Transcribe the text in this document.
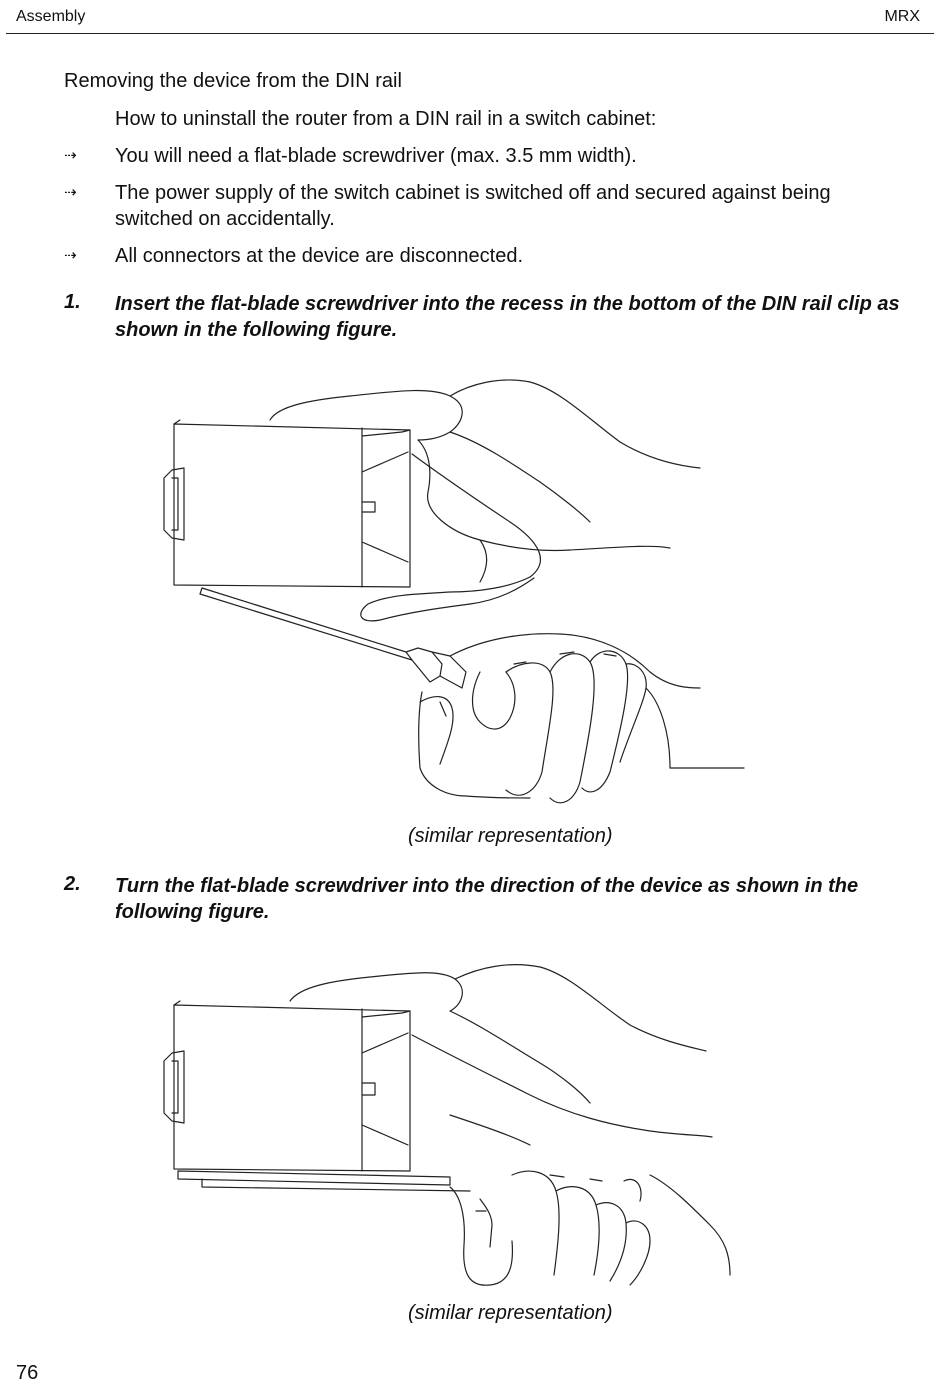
Assembly	MRX
Removing the device from the DIN rail
How to uninstall the router from a DIN rail in a switch cabinet:
⇢ You will need a flat-blade screwdriver (max. 3.5 mm width).
⇢ The power supply of the switch cabinet is switched off and secured against being switched on accidentally.
⇢ All connectors at the device are disconnected.
1. Insert the flat-blade screwdriver into the recess in the bottom of the DIN rail clip as shown in the following figure.
(similar representation)
2. Turn the flat-blade screwdriver into the direction of the device as shown in the following figure.
(similar representation)
76
